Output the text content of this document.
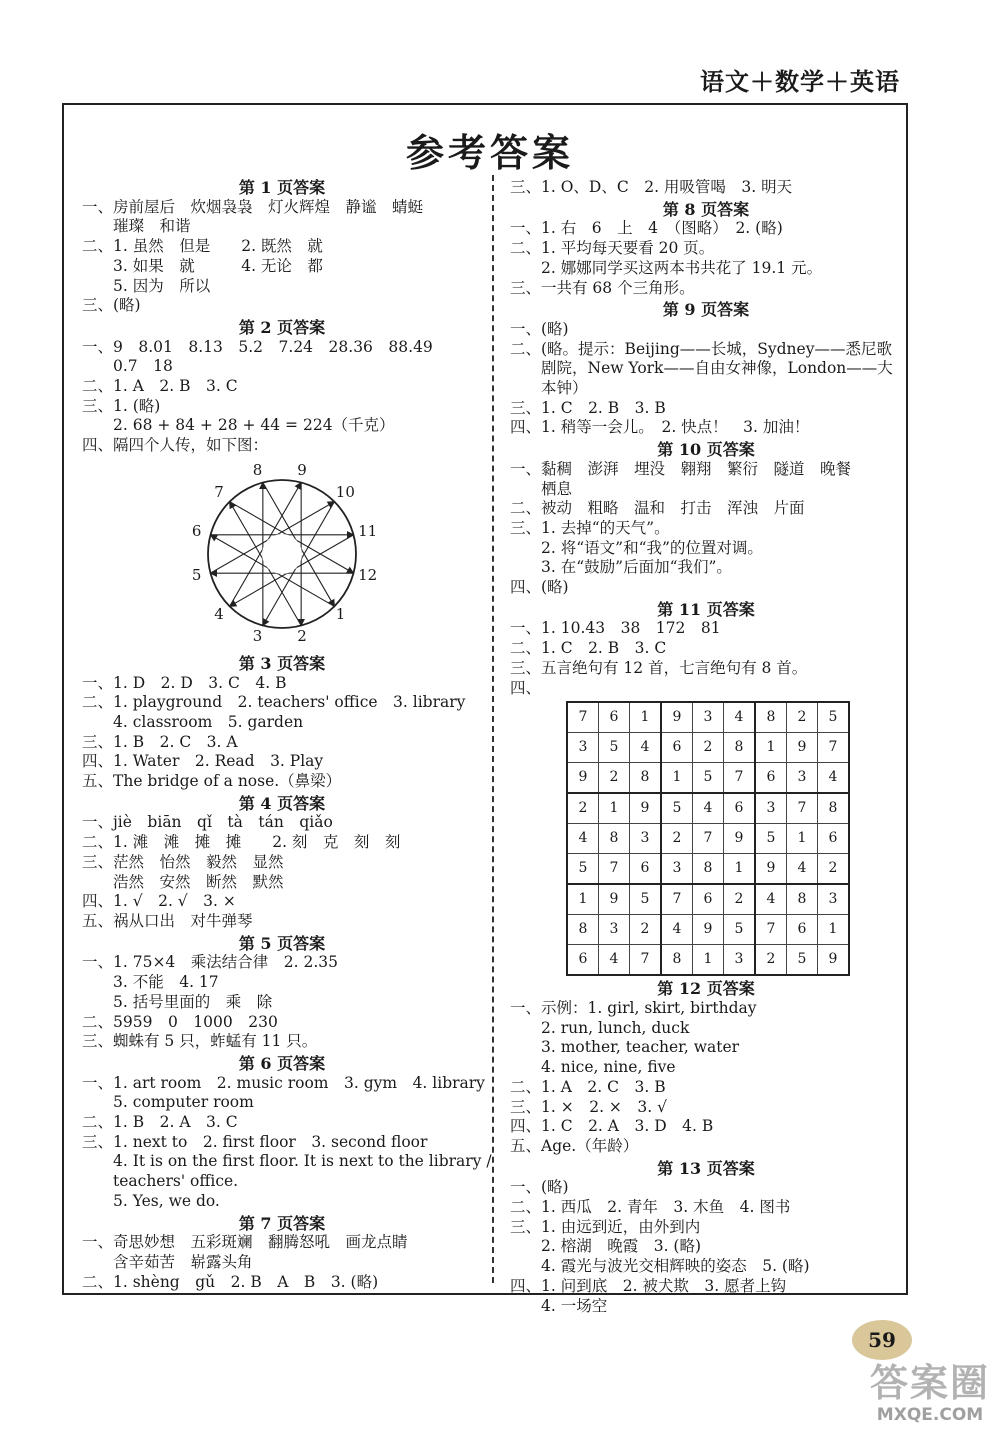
语文＋数学＋英语
参考答案
第 1 页答案
一、房前屋后　炊烟袅袅　灯火辉煌　静谧　蜻蜓
　　璀璨　和谐
二、1. 虽然　但是　　2. 既然　就
　　3. 如果　就　　　4. 无论　都
　　5. 因为　所以
三、(略)
第 2 页答案
一、9　8.01　8.13　5.2　7.24　28.36　88.49
　　0.7　18
二、1. A　2. B　3. C
三、1. (略)
　　2. 68 + 84 + 28 + 44 = 224（千克）
四、隔四个人传，如下图：
1
2
3
4
5
6
7
8 9
10
11
12
第 3 页答案
一、1. D　2. D　3. C　4. B
二、1. playground　2. teachers' office　3. library
　　4. classroom　5. garden
三、1. B　2. C　3. A
四、1. Water　2. Read　3. Play
五、The bridge of a nose.（鼻梁）
第 4 页答案
一、jiè　biān　qǐ　tà　tán　qiǎo
二、1. 滩　滩　摊　摊　　2. 刻　克　刻　刻
三、茫然　怡然　毅然　显然
　　浩然　安然　断然　默然
四、1. √　2. √　3. ×
五、祸从口出　对牛弹琴
第 5 页答案
一、1. 75×4　乘法结合律　2. 2.35
　　3. 不能　4. 17
　　5. 括号里面的　乘　除
二、5959　0　1000　230
三、蜘蛛有 5 只，蚱蜢有 11 只。
第 6 页答案
一、1. art room　2. music room　3. gym　4. library
　　5. computer room
二、1. B　2. A　3. C
三、1. next to　2. first floor　3. second floor
　　4. It is on the first floor. It is next to the library /
　　teachers' office.
　　5. Yes, we do.
第 7 页答案
一、奇思妙想　五彩斑斓　翻腾怒吼　画龙点睛
　　含辛茹苦　崭露头角
二、1. shèng　gǔ　2. B　A　B　3. (略)
三、1. O、D、C　2. 用吸管喝　3. 明天
第 8 页答案
一、1. 右　6　上　4　（图略）　2. (略)
二、1. 平均每天要看 20 页。
　　2. 娜娜同学买这两本书共花了 19.1 元。
三、一共有 68 个三角形。
第 9 页答案
一、(略)
二、(略。提示：Beijing——长城，Sydney——悉尼歌
　　剧院，New York——自由女神像，London——大
　　本钟）
三、1. C　2. B　3. B
四、1. 稍等一会儿。　2. 快点！　3. 加油！
第 10 页答案
一、黏稠　澎湃　埋没　翱翔　繁衍　隧道　晚餐
　　栖息
二、被动　粗略　温和　打击　浑浊　片面
三、1. 去掉“的天气”。
　　2. 将“语文”和“我”的位置对调。
　　3. 在“鼓励”后面加“我们”。
四、(略)
第 11 页答案
一、1. 10.43　38　172　81
二、1. C　2. B　3. C
三、五言绝句有 12 首，七言绝句有 8 首。
四、
7	6	1	9	3	4	8	2	5
3	5	4	6	2	8	1	9	7
9	2	8	1	5	7	6	3	4
2	1	9	5	4	6	3	7	8
4	8	3	2	7	9	5	1	6
5	7	6	3	8	1	9	4	2
1	9	5	7	6	2	4	8	3
8	3	2	4	9	5	7	6	1
6	4	7	8	1	3	2	5	9
第 12 页答案
一、示例：1. girl, skirt, birthday
　　2. run, lunch, duck
　　3. mother, teacher, water
　　4. nice, nine, five
二、1. A　2. C　3. B
三、1. ×　2. ×　3. √
四、1. C　2. A　3. D　4. B
五、Age.（年龄）
第 13 页答案
一、(略)
二、1. 西瓜　2. 青年　3. 木鱼　4. 图书
三、1. 由远到近，由外到内
　　2. 榕湖　晚霞　3. (略)
　　4. 霞光与波光交相辉映的姿态　5. (略)
四、1. 问到底　2. 被犬欺　3. 愿者上钩
　　4. 一场空
59
答案圈
MXQE.COM
